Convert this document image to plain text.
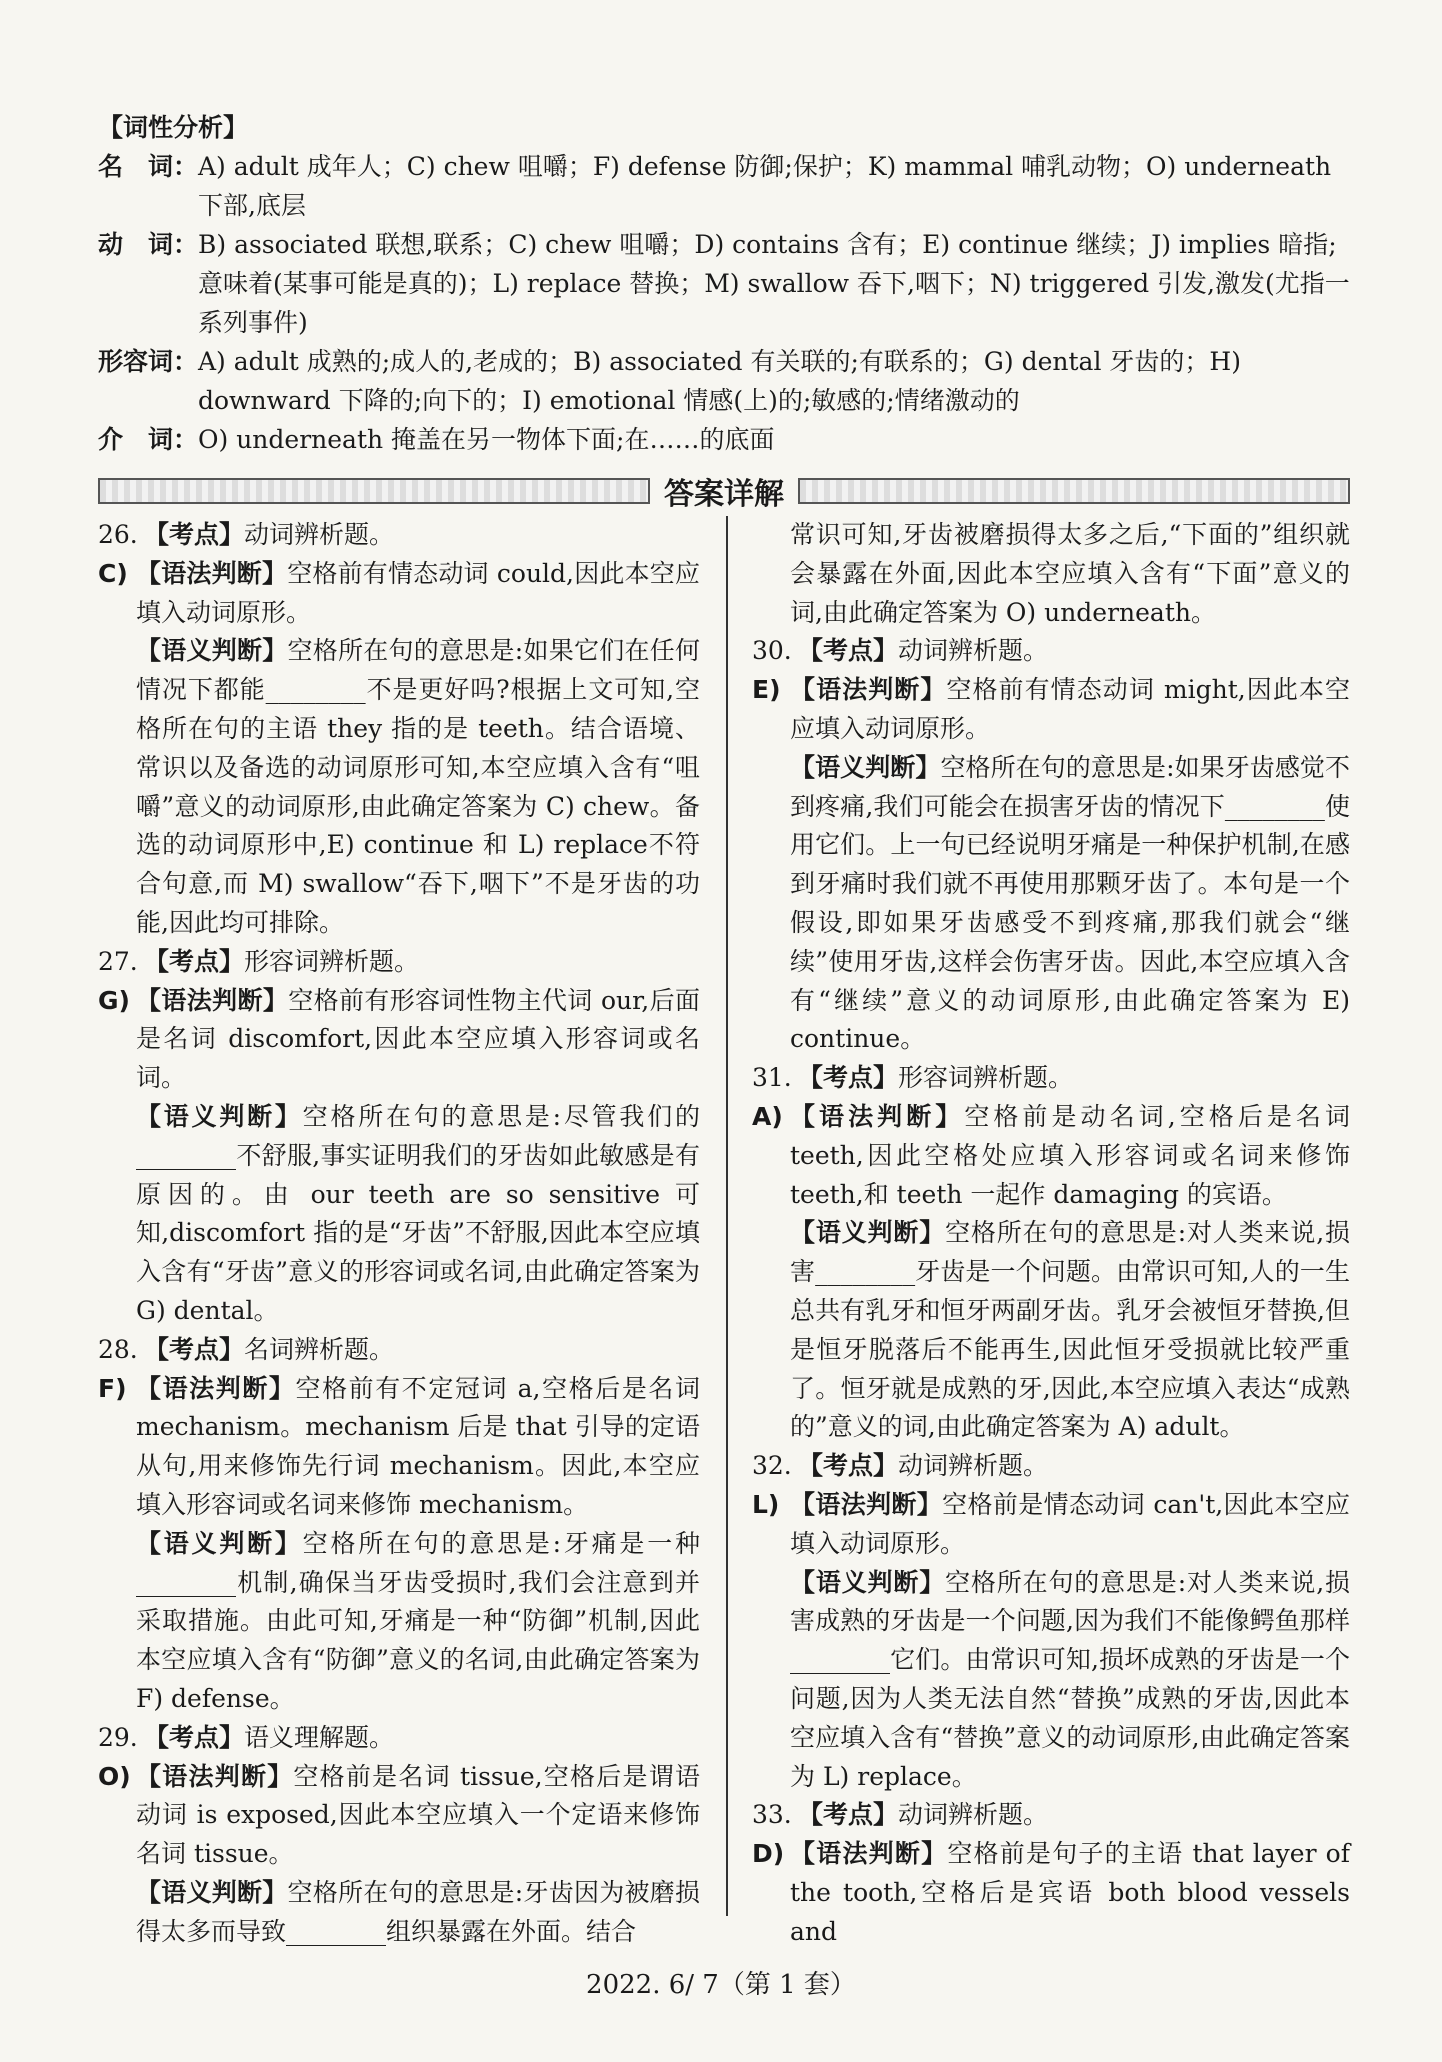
【词性分析】
名　词： A) adult 成年人；C) chew 咀嚼；F) defense 防御;保护；K) mammal 哺乳动物；O) underneath 下部,底层
动　词： B) associated 联想,联系；C) chew 咀嚼；D) contains 含有；E) continue 继续；J) implies 暗指;意味着(某事可能是真的)；L) replace 替换；M) swallow 吞下,咽下；N) triggered 引发,激发(尤指一系列事件)
形容词： A) adult 成熟的;成人的,老成的；B) associated 有关联的;有联系的；G) dental 牙齿的；H) downward 下降的;向下的；I) emotional 情感(上)的;敏感的;情绪激动的
介　词： O) underneath 掩盖在另一物体下面;在……的底面
答案详解
26. 【考点】动词辨析题。
C) 【语法判断】空格前有情态动词 could,因此本空应填入动词原形。
【语义判断】空格所在句的意思是:如果它们在任何情况下都能________不是更好吗?根据上文可知,空格所在句的主语 they 指的是 teeth。结合语境、常识以及备选的动词原形可知,本空应填入含有“咀嚼”意义的动词原形,由此确定答案为 C) chew。备选的动词原形中,E) continue 和 L) replace不符合句意,而 M) swallow“吞下,咽下”不是牙齿的功能,因此均可排除。
27. 【考点】形容词辨析题。
G) 【语法判断】空格前有形容词性物主代词 our,后面是名词 discomfort,因此本空应填入形容词或名词。
【语义判断】空格所在句的意思是:尽管我们的________不舒服,事实证明我们的牙齿如此敏感是有原因的。由 our teeth are so sensitive 可知,discomfort 指的是“牙齿”不舒服,因此本空应填入含有“牙齿”意义的形容词或名词,由此确定答案为 G) dental。
28. 【考点】名词辨析题。
F) 【语法判断】空格前有不定冠词 a,空格后是名词 mechanism。mechanism 后是 that 引导的定语从句,用来修饰先行词 mechanism。因此,本空应填入形容词或名词来修饰 mechanism。
【语义判断】空格所在句的意思是:牙痛是一种________机制,确保当牙齿受损时,我们会注意到并采取措施。由此可知,牙痛是一种“防御”机制,因此本空应填入含有“防御”意义的名词,由此确定答案为 F) defense。
29. 【考点】语义理解题。
O) 【语法判断】空格前是名词 tissue,空格后是谓语动词 is exposed,因此本空应填入一个定语来修饰名词 tissue。
【语义判断】空格所在句的意思是:牙齿因为被磨损得太多而导致________组织暴露在外面。结合
常识可知,牙齿被磨损得太多之后,“下面的”组织就会暴露在外面,因此本空应填入含有“下面”意义的词,由此确定答案为 O) underneath。
30. 【考点】动词辨析题。
E) 【语法判断】空格前有情态动词 might,因此本空应填入动词原形。
【语义判断】空格所在句的意思是:如果牙齿感觉不到疼痛,我们可能会在损害牙齿的情况下________使用它们。上一句已经说明牙痛是一种保护机制,在感到牙痛时我们就不再使用那颗牙齿了。本句是一个假设,即如果牙齿感受不到疼痛,那我们就会“继续”使用牙齿,这样会伤害牙齿。因此,本空应填入含有“继续”意义的动词原形,由此确定答案为 E) continue。
31. 【考点】形容词辨析题。
A) 【语法判断】空格前是动名词,空格后是名词 teeth,因此空格处应填入形容词或名词来修饰 teeth,和 teeth 一起作 damaging 的宾语。
【语义判断】空格所在句的意思是:对人类来说,损害________牙齿是一个问题。由常识可知,人的一生总共有乳牙和恒牙两副牙齿。乳牙会被恒牙替换,但是恒牙脱落后不能再生,因此恒牙受损就比较严重了。恒牙就是成熟的牙,因此,本空应填入表达“成熟的”意义的词,由此确定答案为 A) adult。
32. 【考点】动词辨析题。
L) 【语法判断】空格前是情态动词 can't,因此本空应填入动词原形。
【语义判断】空格所在句的意思是:对人类来说,损害成熟的牙齿是一个问题,因为我们不能像鳄鱼那样________它们。由常识可知,损坏成熟的牙齿是一个问题,因为人类无法自然“替换”成熟的牙齿,因此本空应填入含有“替换”意义的动词原形,由此确定答案为 L) replace。
33. 【考点】动词辨析题。
D) 【语法判断】空格前是句子的主语 that layer of the tooth,空格后是宾语 both blood vessels and
2022. 6/ 7（第 1 套）
